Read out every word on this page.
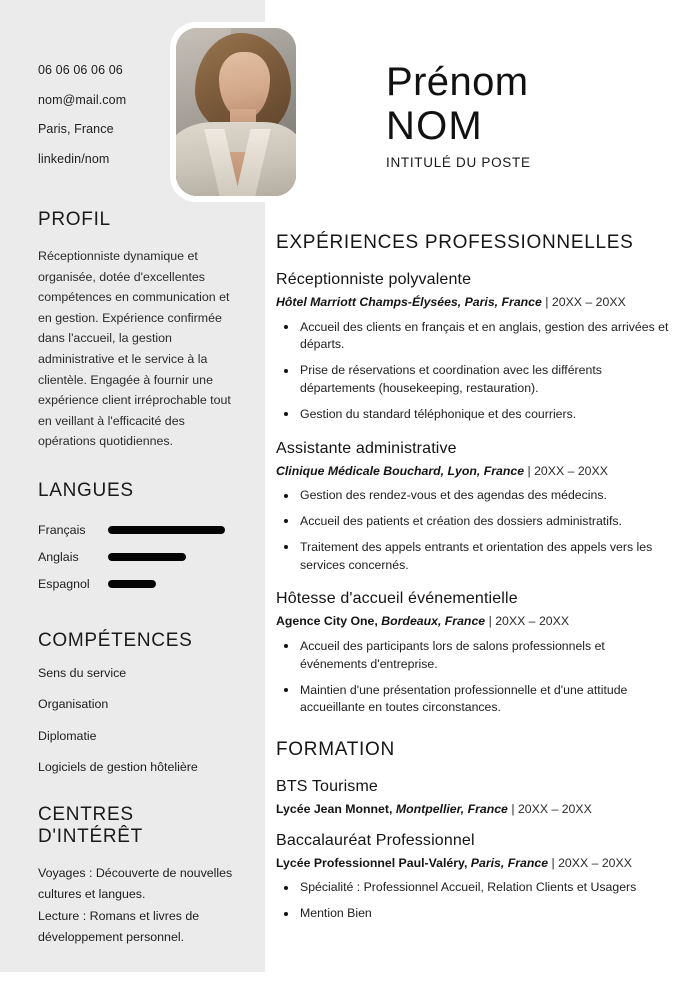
06 06 06 06 06
nom@mail.com
Paris, France
linkedin/nom
PROFIL

Réceptionniste dynamique et organisée, dotée d'excellentes compétences en communication et en gestion. Expérience confirmée dans l'accueil, la gestion administrative et le service à la clientèle. Engagée à fournir une expérience client irréprochable tout en veillant à l'efficacité des opérations quotidiennes.

LANGUES
Français
Anglais
Espagnol
COMPÉTENCES
Sens du service
Organisation
Diplomatie
Logiciels de gestion hôtelière
CENTRES D'INTÉRÊT

Voyages : Découverte de nouvelles cultures et langues.

Lecture : Romans et livres de développement personnel.

Prénom
NOM
INTITULÉ DU POSTE
EXPÉRIENCES PROFESSIONNELLES
Réceptionniste polyvalente
Hôtel Marriott Champs-Élysées, Paris, France | 20XX – 20XX
Accueil des clients en français et en anglais, gestion des arrivées et départs.
Prise de réservations et coordination avec les différents départements (housekeeping, restauration).
Gestion du standard téléphonique et des courriers.
Assistante administrative
Clinique Médicale Bouchard, Lyon, France | 20XX – 20XX
Gestion des rendez-vous et des agendas des médecins.
Accueil des patients et création des dossiers administratifs.
Traitement des appels entrants et orientation des appels vers les services concernés.
Hôtesse d'accueil événementielle
Agence City One, Bordeaux, France | 20XX – 20XX
Accueil des participants lors de salons professionnels et événements d'entreprise.
Maintien d'une présentation professionnelle et d'une attitude accueillante en toutes circonstances.
FORMATION
BTS Tourisme
Lycée Jean Monnet, Montpellier, France | 20XX – 20XX
Baccalauréat Professionnel
Lycée Professionnel Paul-Valéry, Paris, France | 20XX – 20XX
Spécialité : Professionnel Accueil, Relation Clients et Usagers
Mention Bien
